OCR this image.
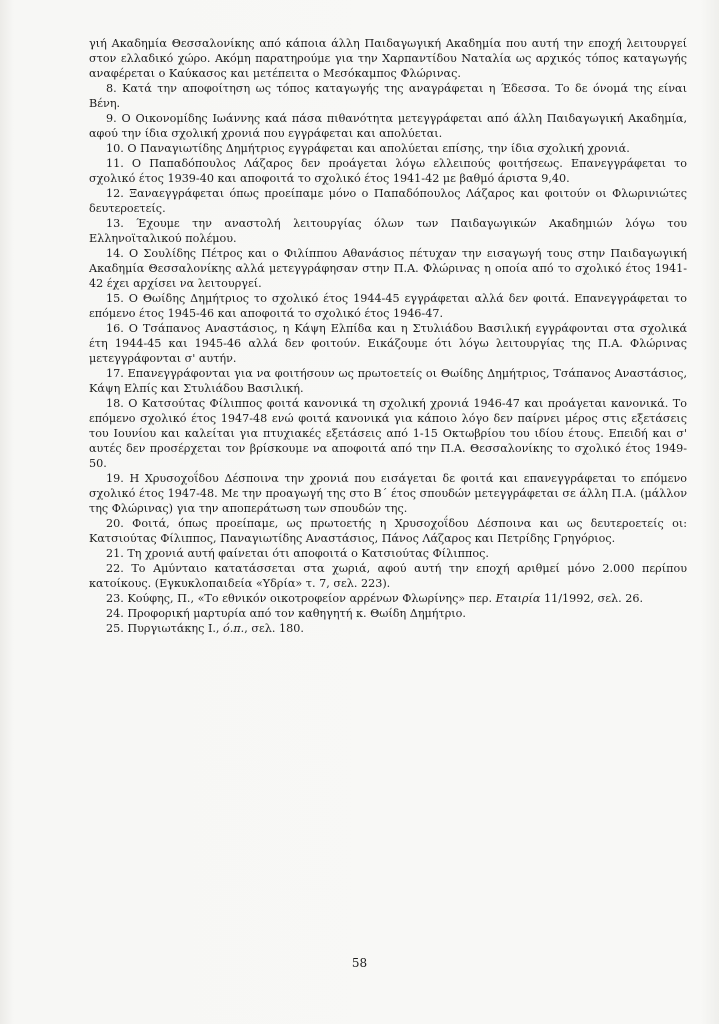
γιή Ακαδημία Θεσσαλονίκης από κάποια άλλη Παιδαγωγική Ακαδημία που αυτή την εποχή λειτουργεί στον ελλαδικό χώρο. Ακόμη παρατηρούμε για την Χαρπαντίδου Ναταλία ως αρχικός τόπος καταγωγής αναφέρεται ο Καύκασος και μετέπειτα ο Μεσόκαμπος Φλώρινας.

8. Κατά την αποφοίτηση ως τόπος καταγωγής της αναγράφεται η Έδεσσα. Το δε όνομά της είναι Βένη.

9. Ο Οικονομίδης Ιωάννης καά πάσα πιθανότητα μετεγγράφεται από άλλη Παιδαγωγική Ακαδημία, αφού την ίδια σχολική χρονιά που εγγράφεται και απολύεται.

10. Ο Παναγιωτίδης Δημήτριος εγγράφεται και απολύεται επίσης, την ίδια σχολική χρονιά.

11. Ο Παπαδόπουλος Λάζαρος δεν προάγεται λόγω ελλειπούς φοιτήσεως. Επανεγγράφεται το σχολικό έτος 1939-40 και αποφοιτά το σχολικό έτος 1941-42 με βαθμό άριστα 9,40.

12. Ξαναεγγράφεται όπως προείπαμε μόνο ο Παπαδόπουλος Λάζαρος και φοιτούν οι Φλωρινιώτες δευτεροετείς.

13. Έχουμε την αναστολή λειτουργίας όλων των Παιδαγωγικών Ακαδημιών λόγω του Ελληνοϊταλικού πολέμου.

14. Ο Σουλίδης Πέτρος και ο Φιλίππου Αθανάσιος πέτυχαν την εισαγωγή τους στην Παιδαγωγική Ακαδημία Θεσσαλονίκης αλλά μετεγγράφησαν στην Π.Α. Φλώρινας η οποία από το σχολικό έτος 1941-42 έχει αρχίσει να λειτουργεί.

15. Ο Θωίδης Δημήτριος το σχολικό έτος 1944-45 εγγράφεται αλλά δεν φοιτά. Επανεγγράφεται το επόμενο έτος 1945-46 και αποφοιτά το σχολικό έτος 1946-47.

16. Ο Τσάπανος Αναστάσιος, η Κάψη Ελπίδα και η Στυλιάδου Βασιλική εγγράφονται στα σχολικά έτη 1944-45 και 1945-46 αλλά δεν φοιτούν. Εικάζουμε ότι λόγω λειτουργίας της Π.Α. Φλώρινας μετεγγράφονται σ' αυτήν.

17. Επανεγγράφονται για να φοιτήσουν ως πρωτοετείς οι Θωίδης Δημήτριος, Τσάπανος Αναστάσιος, Κάψη Ελπίς και Στυλιάδου Βασιλική.

18. Ο Κατσούτας Φίλιππος φοιτά κανονικά τη σχολική χρονιά 1946-47 και προάγεται κανονικά. Το επόμενο σχολικό έτος 1947-48 ενώ φοιτά κανονικά για κάποιο λόγο δεν παίρνει μέρος στις εξετάσεις του Ιουνίου και καλείται για πτυχιακές εξετάσεις από 1-15 Οκτωβρίου του ιδίου έτους. Επειδή και σ' αυτές δεν προσέρχεται τον βρίσκουμε να αποφοιτά από την Π.Α. Θεσσαλονίκης το σχολικό έτος 1949-50.

19. Η Χρυσοχοΐδου Δέσποινα την χρονιά που εισάγεται δε φοιτά και επανεγγράφεται το επόμενο σχολικό έτος 1947-48. Με την προαγωγή της στο Β΄ έτος σπουδών μετεγγράφεται σε άλλη Π.Α. (μάλλον της Φλώρινας) για την αποπεράτωση των σπουδών της.

20. Φοιτά, όπως προείπαμε, ως πρωτοετής η Χρυσοχοΐδου Δέσποινα και ως δευτεροετείς οι: Κατσιούτας Φίλιππος, Παναγιωτίδης Αναστάσιος, Πάνος Λάζαρος και Πετρίδης Γρηγόριος.

21. Τη χρονιά αυτή φαίνεται ότι αποφοιτά ο Κατσιούτας Φίλιππος.

22. Το Αμύνταιο κατατάσσεται στα χωριά, αφού αυτή την εποχή αριθμεί μόνο 2.000 περίπου κατοίκους. (Εγκυκλοπαιδεία «Υδρία» τ. 7, σελ. 223).

23. Κούφης, Π., «Το εθνικόν οικοτροφείον αρρένων Φλωρίνης» περ. Εταιρία 11/1992, σελ. 26.

24. Προφορική μαρτυρία από τον καθηγητή κ. Θωίδη Δημήτριο.

25. Πυργιωτάκης Ι., ό.π., σελ. 180.

58
